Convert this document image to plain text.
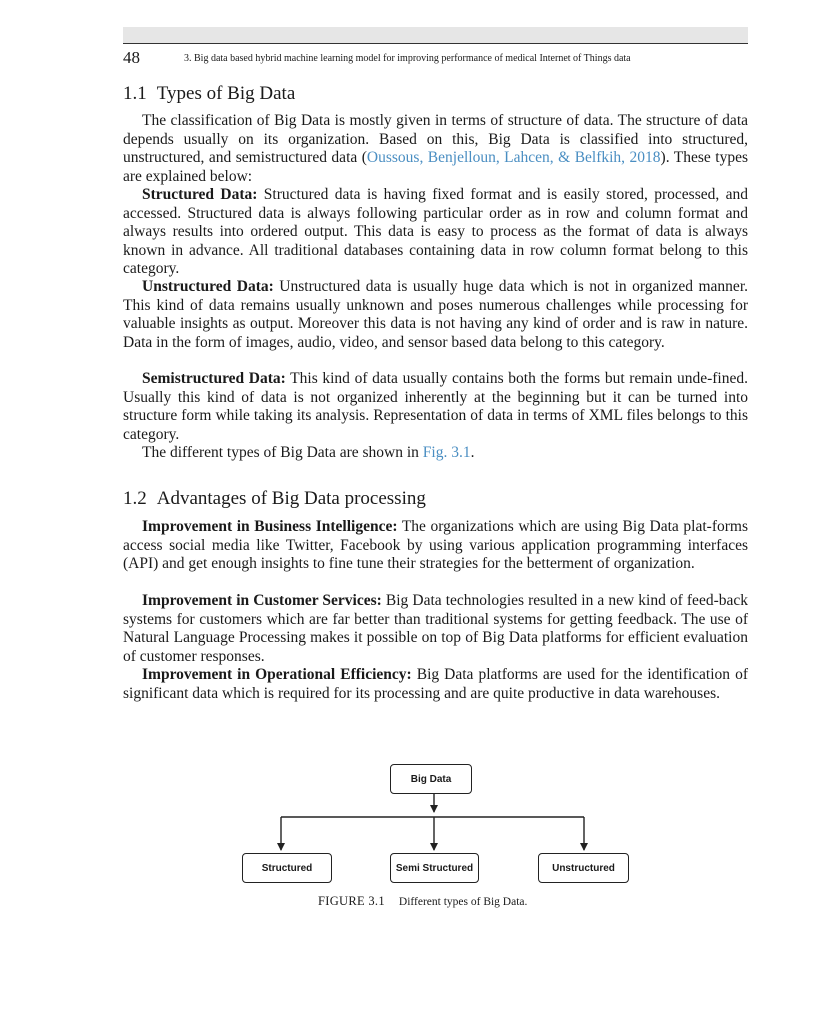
48	3. Big data based hybrid machine learning model for improving performance of medical Internet of Things data
1.1 Types of Big Data

The classification of Big Data is mostly given in terms of structure of data. The structure of data depends usually on its organization. Based on this, Big Data is classified into structured, unstructured, and semistructured data (Oussous, Benjelloun, Lahcen, & Belfkih, 2018). These types are explained below:

Structured Data: Structured data is having fixed format and is easily stored, processed, and accessed. Structured data is always following particular order as in row and column format and always results into ordered output. This data is easy to process as the format of data is always known in advance. All traditional databases containing data in row column format belong to this category.

Unstructured Data: Unstructured data is usually huge data which is not in organized manner. This kind of data remains usually unknown and poses numerous challenges while processing for valuable insights as output. Moreover this data is not having any kind of order and is raw in nature. Data in the form of images, audio, video, and sensor based data belong to this category.

Semistructured Data: This kind of data usually contains both the forms but remain unde-fined. Usually this kind of data is not organized inherently at the beginning but it can be turned into structure form while taking its analysis. Representation of data in terms of XML files belongs to this category.

The different types of Big Data are shown in Fig. 3.1.

1.2 Advantages of Big Data processing

Improvement in Business Intelligence: The organizations which are using Big Data plat-forms access social media like Twitter, Facebook by using various application programming interfaces (API) and get enough insights to fine tune their strategies for the betterment of organization.

Improvement in Customer Services: Big Data technologies resulted in a new kind of feed-back systems for customers which are far better than traditional systems for getting feedback. The use of Natural Language Processing makes it possible on top of Big Data platforms for efficient evaluation of customer responses.

Improvement in Operational Efficiency: Big Data platforms are used for the identification of significant data which is required for its processing and are quite productive in data warehouses.

Big Data
Structured	Semi Structured	Unstructured
FIGURE 3.1 Different types of Big Data.
